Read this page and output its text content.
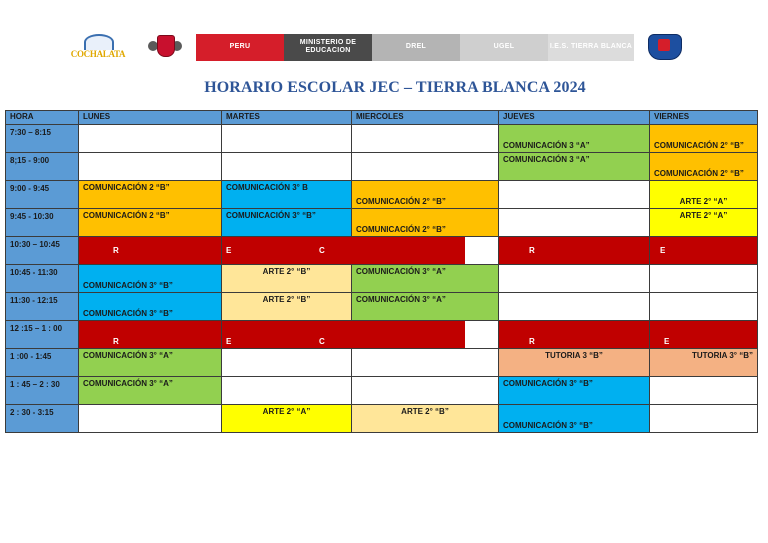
COCHALATA
PERU
MINISTERIO DE EDUCACION
DREL	UGEL	I.E.S. TIERRA BLANCA
HORARIO ESCOLAR JEC – TIERRA BLANCA 2024
HORA	LUNES	MARTES	MIERCOLES	JUEVES	VIERNES
7:30 – 8:15				COMUNICACIÓN 3 “A”	COMUNICACIÓN 2° “B”
8;15 - 9:00				COMUNICACIÓN 3 “A”	COMUNICACIÓN 2° “B”
9:00 - 9:45	COMUNICACIÓN 2 “B”	COMUNICACIÓN 3° B	COMUNICACIÓN 2° “B”		ARTE 2° “A”
9:45 - 10:30	COMUNICACIÓN 2 “B”	COMUNICACIÓN 3° “B”	COMUNICACIÓN 2° “B”		ARTE 2° “A”
10:30 – 10:45	R	E	C	R	E
10:45 - 11:30	COMUNICACIÓN 3° “B”	ARTE 2° “B”	COMUNICACIÓN 3° “A”		
11:30 - 12:15	COMUNICACIÓN 3° “B”	ARTE 2° “B”	COMUNICACIÓN 3° “A”		
12 :15 – 1 : 00	R	E	C	R	E
1 :00 - 1:45	COMUNICACIÓN 3° “A”			TUTORIA 3 “B”	TUTORIA 3° “B”
1 : 45 – 2 : 30	COMUNICACIÓN 3° “A”			COMUNICACIÓN 3° “B”	
2 : 30 - 3:15		ARTE 2° “A”	ARTE 2° “B”	COMUNICACIÓN 3° “B”	
